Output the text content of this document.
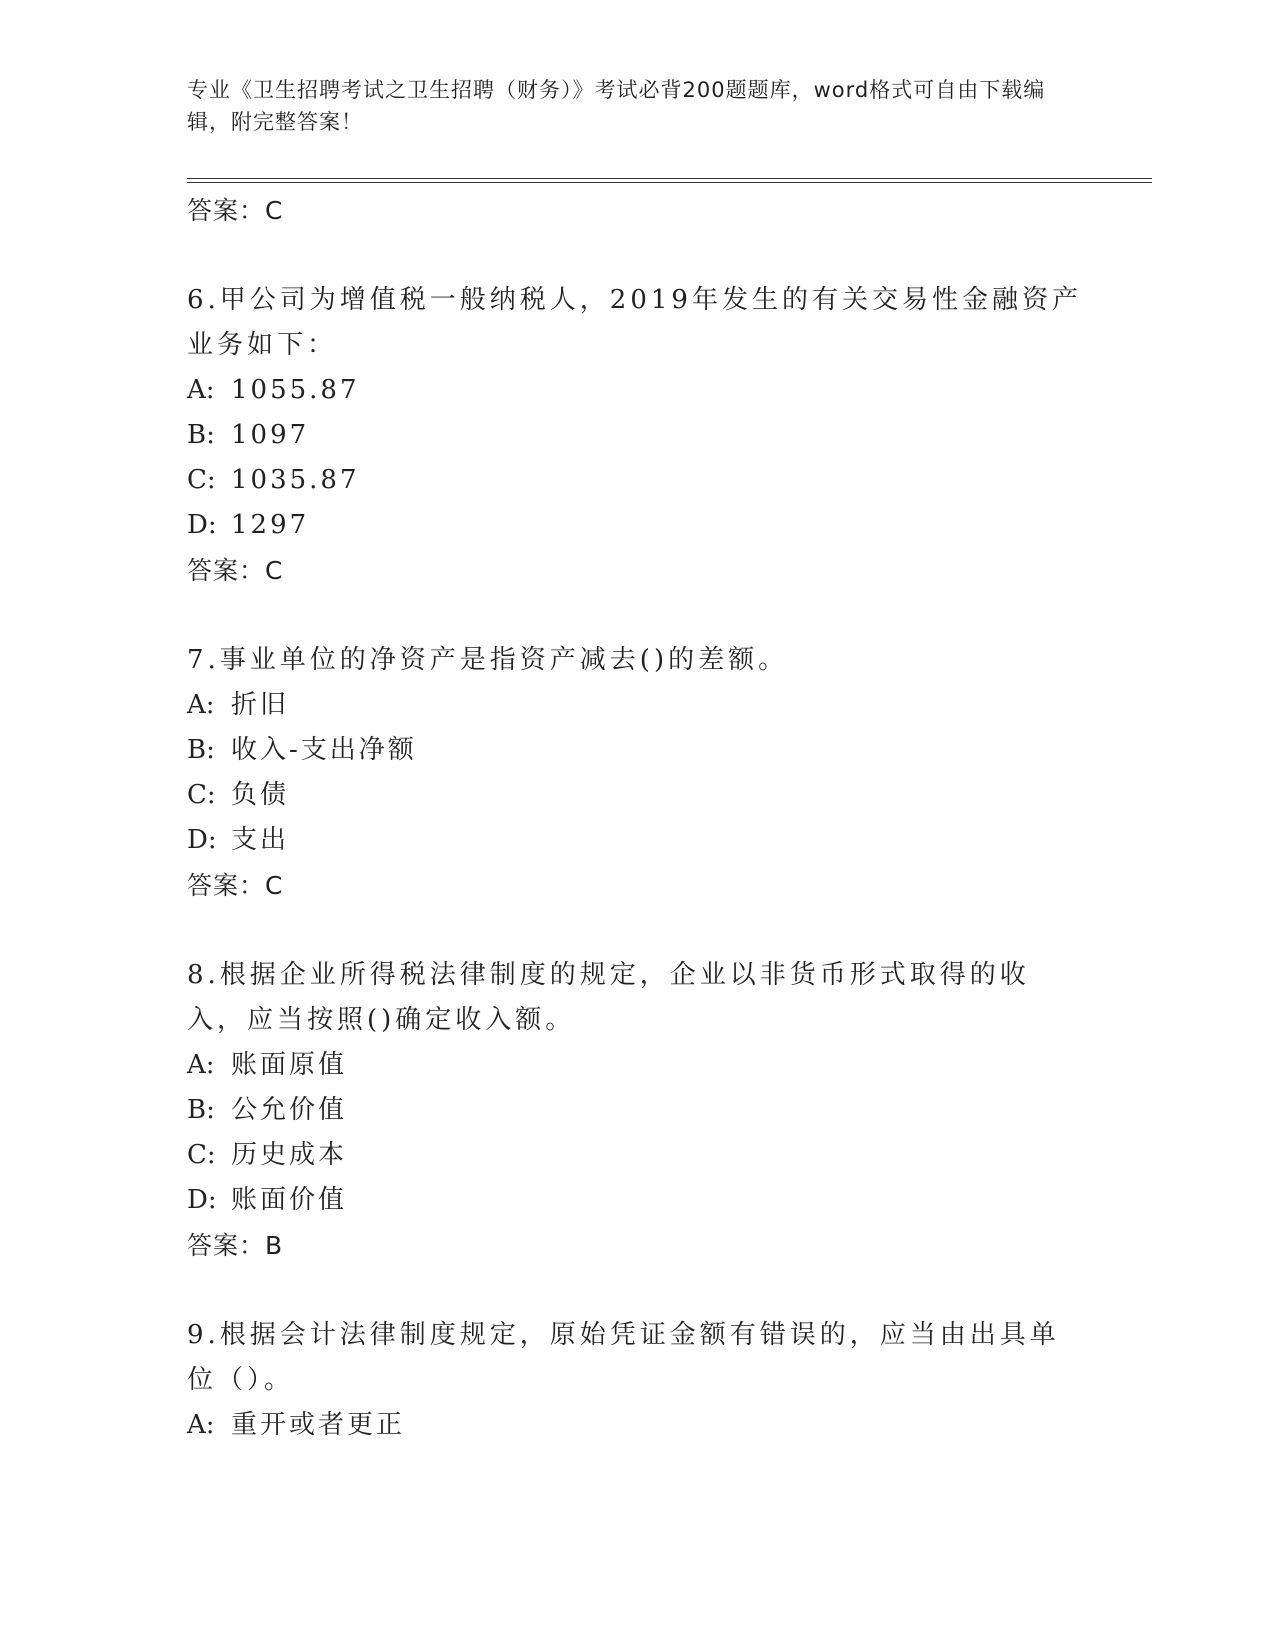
专业《卫生招聘考试之卫生招聘（财务）》考试必背200题题库，word格式可自由下载编辑，附完整答案！
答案：C
6.甲公司为增值税一般纳税人，2019年发生的有关交易性金融资产业务如下：
A: 1055.87
B: 1097
C: 1035.87
D: 1297
答案：C
7.事业单位的净资产是指资产减去()的差额。
A: 折旧
B: 收入-支出净额
C: 负债
D: 支出
答案：C
8.根据企业所得税法律制度的规定，企业以非货币形式取得的收入，应当按照()确定收入额。
A: 账面原值
B: 公允价值
C: 历史成本
D: 账面价值
答案：B
9.根据会计法律制度规定，原始凭证金额有错误的，应当由出具单位（）。
A: 重开或者更正
